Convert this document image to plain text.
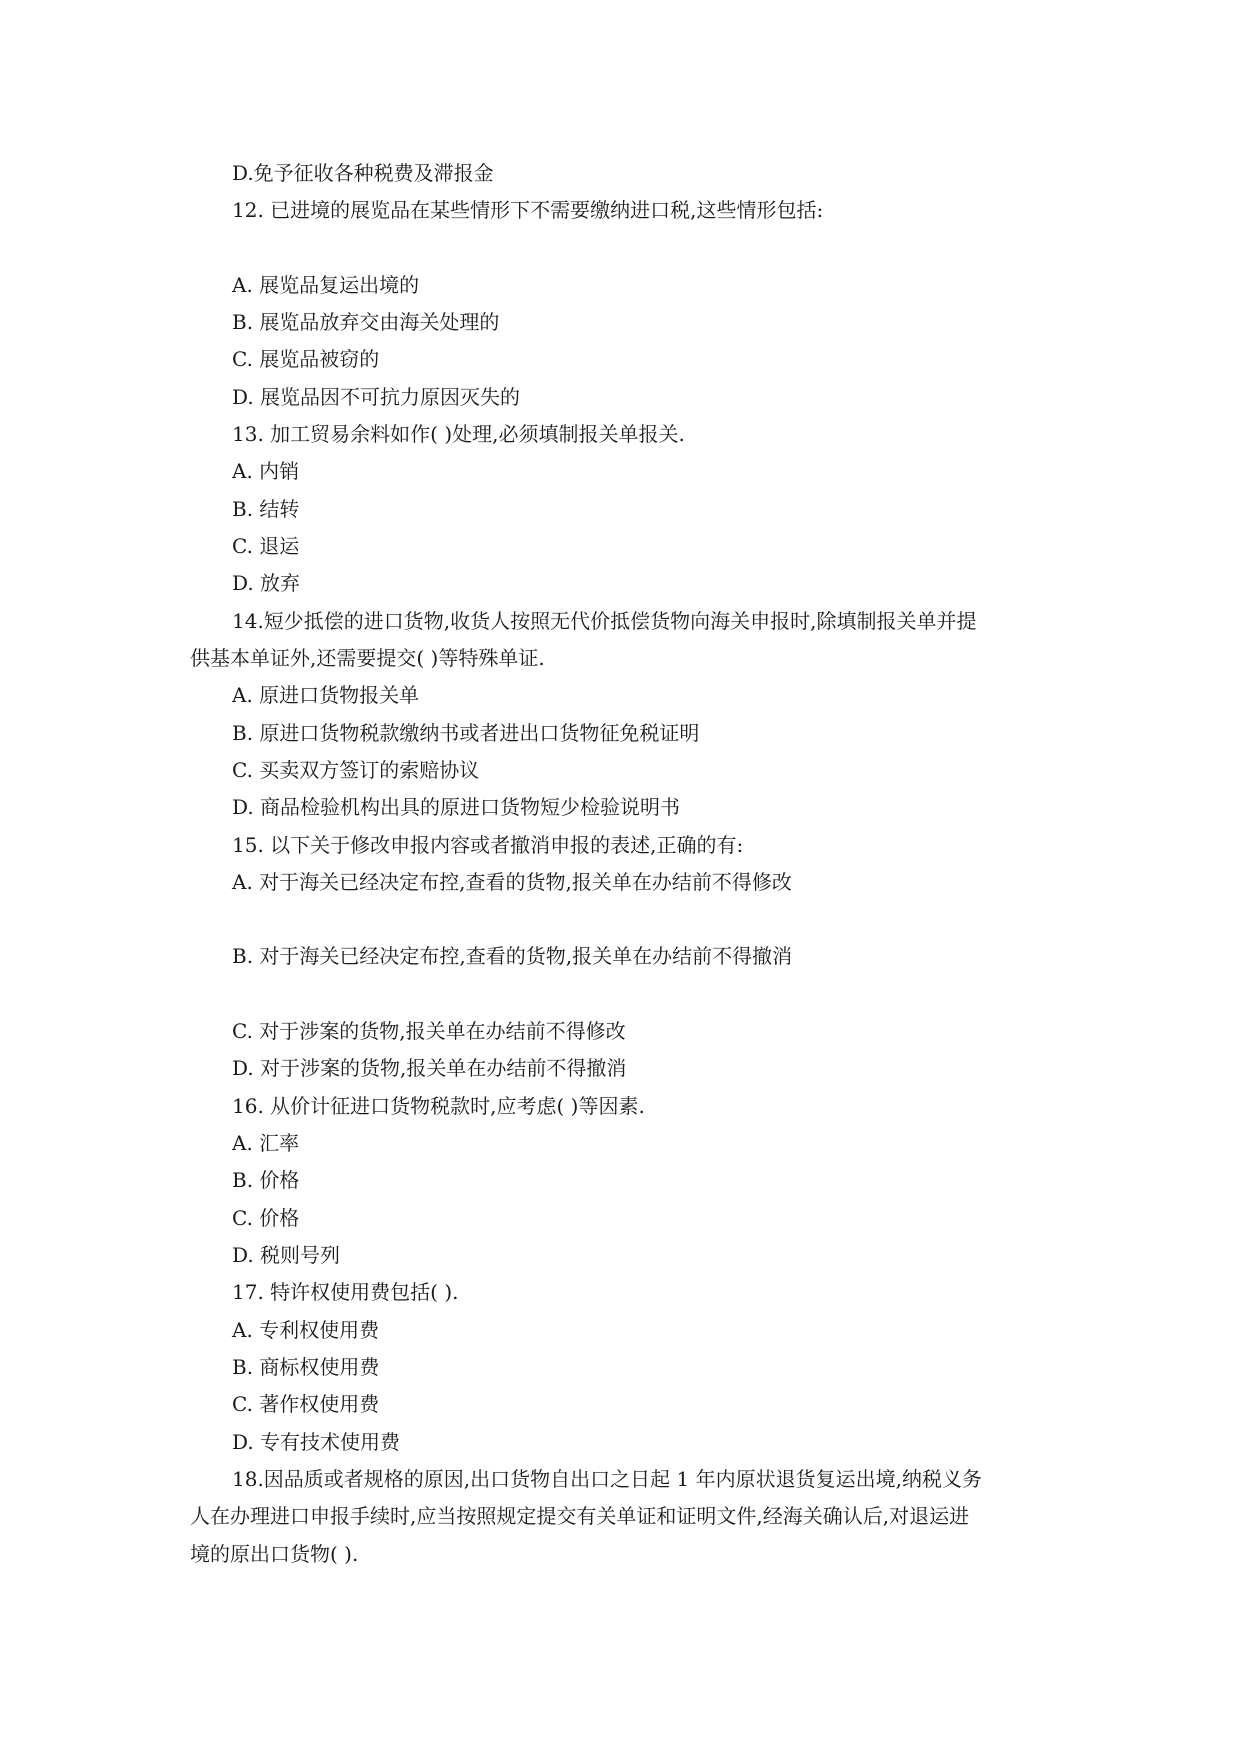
D.免予征收各种税费及滞报金
12. 已进境的展览品在某些情形下不需要缴纳进口税,这些情形包括:
A. 展览品复运出境的
B. 展览品放弃交由海关处理的
C. 展览品被窃的
D. 展览品因不可抗力原因灭失的
13. 加工贸易余料如作( )处理,必须填制报关单报关.
A. 内销
B. 结转
C. 退运
D. 放弃
14.短少抵偿的进口货物,收货人按照无代价抵偿货物向海关申报时,除填制报关单并提
供基本单证外,还需要提交( )等特殊单证.
A. 原进口货物报关单
B. 原进口货物税款缴纳书或者进出口货物征免税证明
C. 买卖双方签订的索赔协议
D. 商品检验机构出具的原进口货物短少检验说明书
15. 以下关于修改申报内容或者撤消申报的表述,正确的有:
A. 对于海关已经决定布控,查看的货物,报关单在办结前不得修改
B. 对于海关已经决定布控,查看的货物,报关单在办结前不得撤消
C. 对于涉案的货物,报关单在办结前不得修改
D. 对于涉案的货物,报关单在办结前不得撤消
16. 从价计征进口货物税款时,应考虑( )等因素.
A. 汇率
B. 价格
C. 价格
D. 税则号列
17. 特许权使用费包括( ).
A. 专利权使用费
B. 商标权使用费
C. 著作权使用费
D. 专有技术使用费
18.因品质或者规格的原因,出口货物自出口之日起 1 年内原状退货复运出境,纳税义务
人在办理进口申报手续时,应当按照规定提交有关单证和证明文件,经海关确认后,对退运进
境的原出口货物( ).
